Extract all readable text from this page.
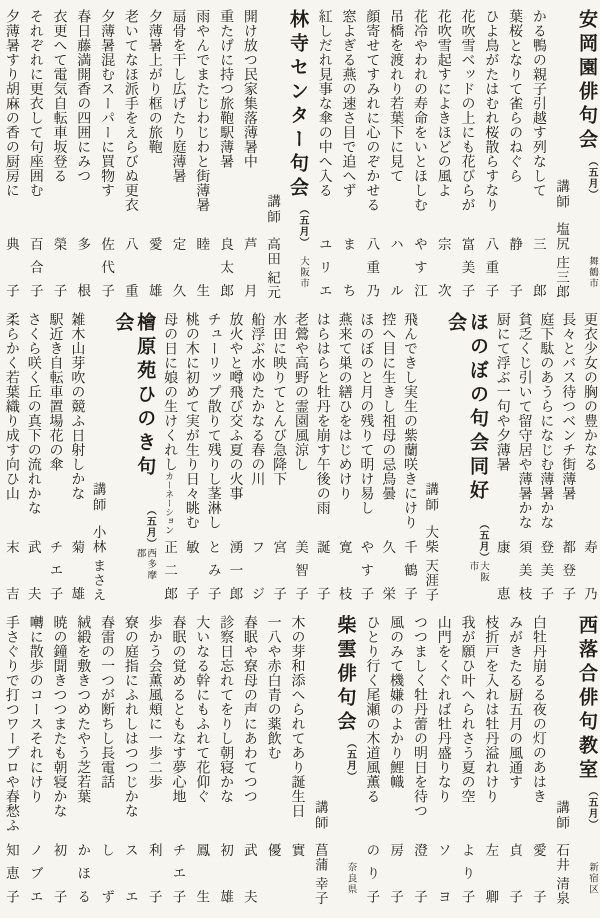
安岡園俳句会
（五月）
舞鶴市
講師
塩尻 庄三郎
かる鴨の親子引越す列なして
三郎
葉桜となりて雀らのねぐら
静子
ひよ鳥がたはむれ桜散らすなり
八重子
花吹雪ベッドの上にも花びらが
富美子
花吹雪起すによきほどの風よ
宗次
花冷やわれの寿命をいとほしむ
やす江
吊橋を渡れり若葉下に見て
ハル
顔寄せてすみれに心のぞかせる
八重乃
窓よぎる燕の速さ目で追へず
まち
紅しだれ見事な傘の中へ入る
ユリエ
林寺センター句会
（五月）
大阪市
講師
高田 紀元
開け放つ民家集落薄暑中
芦月
重たげに持つ旅鞄駅薄暑
良太郎
雨やんでまたじわじわと街薄暑
睦生
扇骨を干し広げたり庭薄暑
定久
夕薄暑上がり框の旅鞄
愛雄
老いてなほ派手をえらびぬ更衣
八重
夕薄暑混むスーパーに買物す
佐代子
春日藤満開香の四囲にみつ
多根
衣更へて電気自転車坂登る
榮子
それぞれに更衣して句座囲む
百合子
夕薄暑すり胡麻の香の厨房に
典子
更衣少女の胸の豊かなる
寿乃
長々とバス待つベンチ街薄暑
都登子
庭下駄のあうらになじむ薄暑かな
登美子
貧乏くじ引いて留守居や薄暑かな
須美枝
厨にて浮ぶ一句や夕薄暑
康恵
ほのぼの句会同好会
（五月）
大阪市
講師
大柴 天涯子
飛んできし実生の紫蘭咲きにけり
千鶴子
控へ目に生きし祖母の忌鳥曇
久栄
ほのぼのと月の残りて明け易し
やす子
燕来て巣の繕ひをはじめけり
寛枝
はらはらと牡丹を崩す午後の雨
誕子
老鶯や高野の霊園風涼し
美智子
水田に映りてとんび急降下
宮子
船浮ぶ水ゆたかなる春の川
フジ
放火やと噂飛び交ふ夏の火事
湧一郎
チューリップ散りて残りし茎淋し
とみ子
桃の木に初めて実が生り日々眺む
敏子
母の日に娘の生けくれしカーネーション
正二郎
檜原苑ひのき句会
（五月）
西多摩郡
講師
小林 まさえ
雑木山芽吹の競ふ日射しかな
菊雄
駅近き自転車置場花の傘
チエ子
さくら咲く丘の真下の流れかな
武夫
柔らかく若葉織り成す向ひ山
末吉
西落合俳句教室
（五月）
新宿区
講師
石井 清泉
白牡丹崩るる夜の灯のあはき
愛子
みがきたる厨五月の風通す
貞子
枝折戸を入れは牡丹溢れけり
左卿
我が願ひ叶へられさう夏の空
より子
山門をくぐれば牡丹盛りなり
ソヨ
つつましく牡丹蕾の明日を待つ
澄子
風のみて機嫌のよかり鯉幟
房子
ひとり行く尾瀬の木道風薫る
のり子
柴雲俳句会
（五月）
奈良県
講師
菖蒲 幸子
木の芽和添へられてあり誕生日
實
一八や赤白青の薬飲む
優
春眠や寮母の声にあわてつつ
武夫
診察日忘れてをりし朝寝かな
初雄
大いなる幹にもふれて花仰ぐ
鳳生
春眠の覚めるともなす夢心地
チエ子
歩かう会薫風頬に一歩二歩
利子
寮の庭指にふれしはつつじかな
スエ
春雷の一つが断ちし長電話
しず
絨緞を敷きつめたやう芝若葉
かほる
暁の鐘聞きつつまたも朝寝かな
初子
囀に散歩のコースそれにけり
ノブエ
手さぐりで打つワープロや春愁ふ
知恵子
